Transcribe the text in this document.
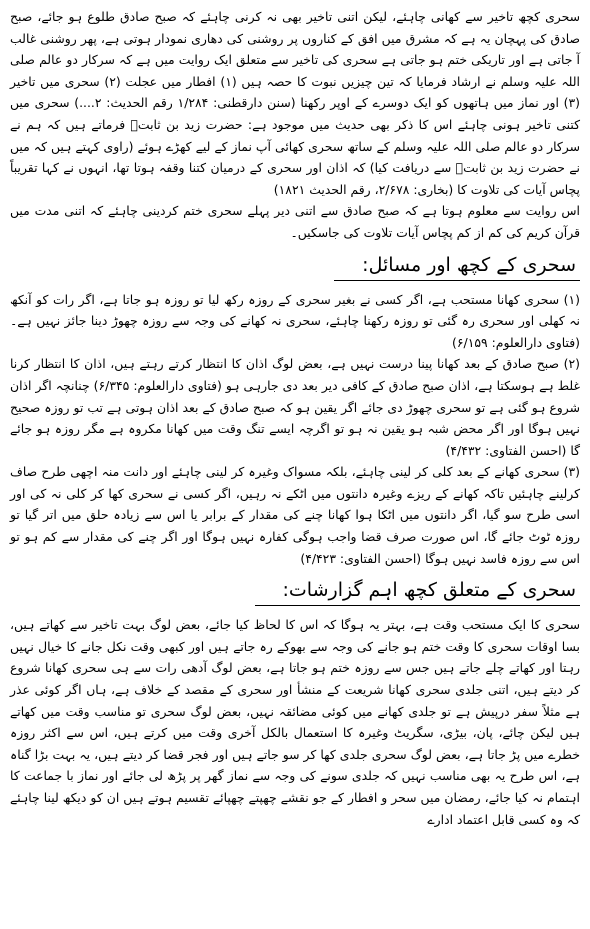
سحری کچھ تاخیر سے کھانی چاہئے، لیکن اتنی تاخیر بھی نہ کرنی چاہئے کہ صبح صادق طلوع ہو جائے، صبح صادق کی پہچان یہ ہے کہ مشرق میں افق کے کناروں پر روشنی کی دھاری نمودار ہوتی ہے، پھر روشنی غالب آ جاتی ہے اور تاریکی ختم ہو جاتی ہے سحری کی تاخیر سے متعلق ایک روایت میں ہے کہ سرکار دو عالم صلی اللہ علیہ وسلم نے ارشاد فرمایا کہ تین چیزیں نبوت کا حصہ ہیں (۱) افطار میں عجلت (۲) سحری میں تاخیر (۳) اور نماز میں ہاتھوں کو ایک دوسرے کے اوپر رکھنا (سنن دارقطنی: ۱/۲۸۴ رقم الحدیث: ۲....) سحری میں کتنی تاخیر ہونی چاہئے اس کا ذکر بھی حدیث میں موجود ہے: حضرت زید بن ثابتؓ فرماتے ہیں کہ ہم نے سرکار دو عالم صلی اللہ علیہ وسلم کے ساتھ سحری کھائی آپ نماز کے لیے کھڑے ہوئے (راوی کہتے ہیں کہ میں نے حضرت زید بن ثابتؓ سے دریافت کیا) کہ اذان اور سحری کے درمیان کتنا وقفہ ہوتا تھا، انہوں نے کہا تقریباً پچاس آیات کی تلاوت کا (بخاری: ۲/۶۷۸، رقم الحدیث ۱۸۲۱)

اس روایت سے معلوم ہوتا ہے کہ صبح صادق سے اتنی دیر پہلے سحری ختم کردینی چاہئے کہ اتنی مدت میں قرآن کریم کی کم از کم پچاس آیات تلاوت کی جاسکیں۔

سحری کے کچھ اور مسائل:

(۱) سحری کھانا مستحب ہے، اگر کسی نے بغیر سحری کے روزہ رکھ لیا تو روزہ ہو جاتا ہے، اگر رات کو آنکھ نہ کھلی اور سحری رہ گئی تو روزہ رکھنا چاہئے، سحری نہ کھانے کی وجہ سے روزہ چھوڑ دینا جائز نہیں ہے۔ (فتاوی دارالعلوم: ۶/۱۵۹)

(۲) صبح صادق کے بعد کھانا پینا درست نہیں ہے، بعض لوگ اذان کا انتظار کرتے رہتے ہیں، اذان کا انتظار کرنا غلط ہے ہوسکتا ہے، اذان صبح صادق کے کافی دیر بعد دی جارہی ہو (فتاوی دارالعلوم: ۶/۳۴۵) چنانچہ اگر اذان شروع ہو گئی ہے تو سحری چھوڑ دی جائے اگر یقین ہو کہ صبح صادق کے بعد اذان ہوتی ہے تب تو روزہ صحیح نہیں ہوگا اور اگر محض شبہ ہو یقین نہ ہو تو اگرچہ ایسے تنگ وقت میں کھانا مکروہ ہے مگر روزہ ہو جائے گا (احسن الفتاوی: ۴/۴۳۲)

(۳) سحری کھانے کے بعد کلی کر لینی چاہئے، بلکہ مسواک وغیرہ کر لینی چاہئے اور دانت منہ اچھی طرح صاف کرلینے چاہئیں تاکہ کھانے کے ریزے وغیرہ دانتوں میں اٹکے نہ رہیں، اگر کسی نے سحری کھا کر کلی نہ کی اور اسی طرح سو گیا، اگر دانتوں میں اٹکا ہوا کھانا چنے کی مقدار کے برابر یا اس سے زیادہ حلق میں اتر گیا تو روزہ ٹوٹ جائے گا، اس صورت صرف قضا واجب ہوگی کفارہ نہیں ہوگا اور اگر چنے کی مقدار سے کم ہو تو اس سے روزہ فاسد نہیں ہوگا (احسن الفتاوی: ۴/۴۲۳)

سحری کے متعلق کچھ اہم گزارشات:

سحری کا ایک مستحب وقت ہے، بہتر یہ ہوگا کہ اس کا لحاظ کیا جائے، بعض لوگ بہت تاخیر سے کھاتے ہیں، بسا اوقات سحری کا وقت ختم ہو جانے کی وجہ سے بھوکے رہ جاتے ہیں اور کبھی وقت نکل جانے کا خیال نہیں رہتا اور کھاتے چلے جاتے ہیں جس سے روزہ ختم ہو جاتا ہے، بعض لوگ آدھی رات سے ہی سحری کھانا شروع کر دیتے ہیں، اتنی جلدی سحری کھانا شریعت کے منشأ اور سحری کے مقصد کے خلاف ہے، ہاں اگر کوئی عذر ہے مثلاً سفر درپیش ہے تو جلدی کھانے میں کوئی مضائقہ نہیں، بعض لوگ سحری تو مناسب وقت میں کھاتے ہیں لیکن چائے، پان، بیڑی، سگریٹ وغیرہ کا استعمال بالکل آخری وقت میں کرتے ہیں، اس سے اکثر روزہ خطرے میں پڑ جاتا ہے، بعض لوگ سحری جلدی کھا کر سو جاتے ہیں اور فجر قضا کر دیتے ہیں، یہ بہت بڑا گناہ ہے، اس طرح یہ بھی مناسب نہیں کہ جلدی سونے کی وجہ سے نماز گھر پر پڑھ لی جائے اور نماز با جماعت کا اہتمام نہ کیا جائے، رمضان میں سحر و افطار کے جو نقشے چھپتے چھپائے تقسیم ہوتے ہیں ان کو دیکھ لینا چاہئے کہ وہ کسی قابل اعتماد ادارے
